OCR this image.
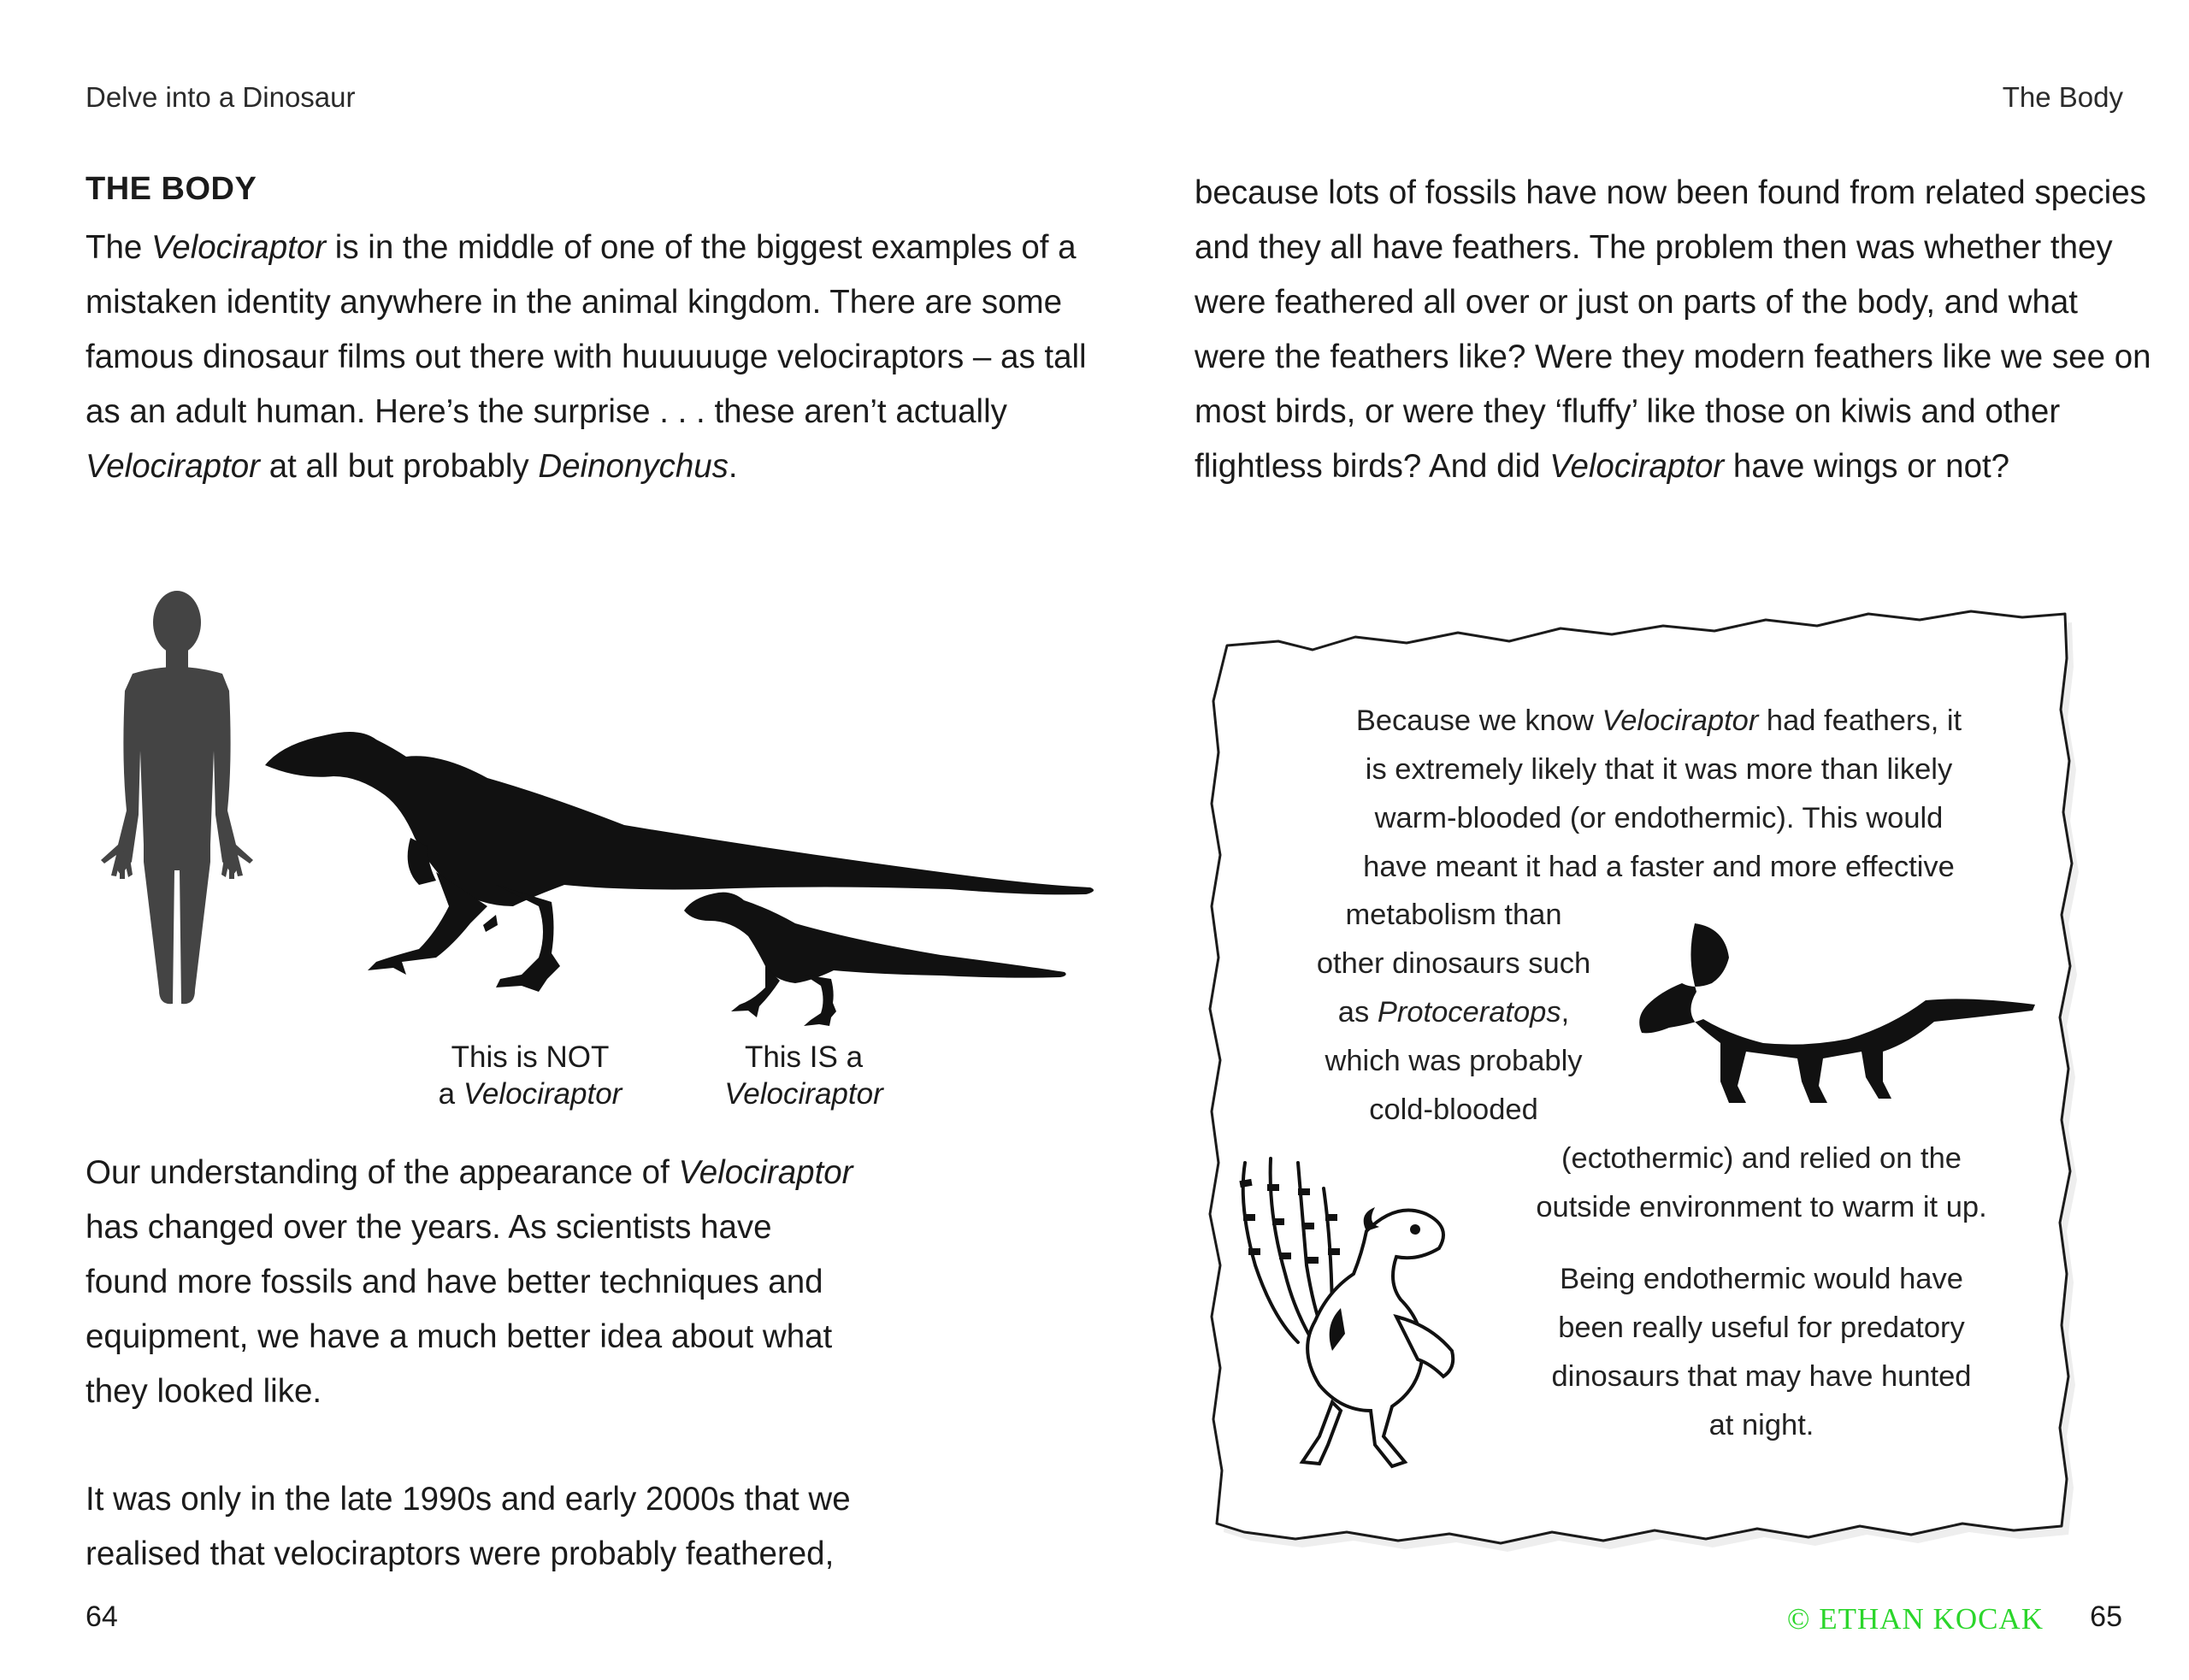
Delve into a Dinosaur	The Body
THE BODY

The Velociraptor is in the middle of one of the biggest examples of a mistaken identity anywhere in the animal kingdom. There are some famous dinosaur films out there with huuuuuge velociraptors – as tall as an adult human. Here’s the surprise . . . these aren’t actually Velociraptor at all but probably Deinonychus.

This is NOT
a Velociraptor
This IS a
Velociraptor

Our understanding of the appearance of Velociraptor
has changed over the years. As scientists have
found more fossils and have better techniques and
equipment, we have a much better idea about what
they looked like.

It was only in the late 1990s and early 2000s that we
realised that velociraptors were probably feathered,

because lots of fossils have now been found from related species and they all have feathers. The problem then was whether they were feathered all over or just on parts of the body, and what were the feathers like? Were they modern feathers like we see on most birds, or were they ‘fluffy’ like those on kiwis and other flightless birds? And did Velociraptor have wings or not?

Because we know Velociraptor had feathers, it
is extremely likely that it was more than likely
warm-blooded (or endothermic). This would
have meant it had a faster and more effective

metabolism than
other dinosaurs such
as Protoceratops,
which was probably
cold-blooded

(ectothermic) and relied on the
outside environment to warm it up.

Being endothermic would have
been really useful for predatory
dinosaurs that may have hunted
at night.

64	© ETHAN KOCAK 65
